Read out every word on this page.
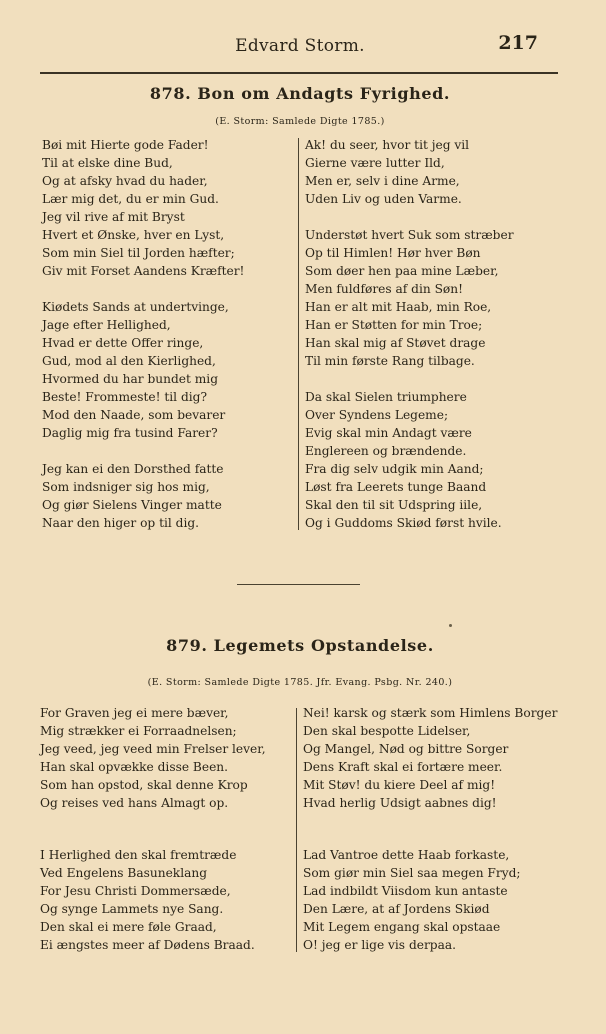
Edvard Storm.	217
878. Bon om Andagts Fyrighed.
(E. Storm: Samlede Digte 1785.)
Bøi mit Hierte gode Fader!
Til at elske dine Bud,
Og at afsky hvad du hader,
Lær mig det, du er min Gud.
Jeg vil rive af mit Bryst
Hvert et Ønske, hver en Lyst,
Som min Siel til Jorden hæfter;
Giv mit Forset Aandens Kræfter!
Kiødets Sands at undertvinge,
Jage efter Hellighed,
Hvad er dette Offer ringe,
Gud, mod al den Kierlighed,
Hvormed du har bundet mig
Beste! Frommeste! til dig?
Mod den Naade, som bevarer
Daglig mig fra tusind Farer?
Jeg kan ei den Dorsthed fatte
Som indsniger sig hos mig,
Og giør Sielens Vinger matte
Naar den higer op til dig.
Ak! du seer, hvor tit jeg vil
Gierne være lutter Ild,
Men er, selv i dine Arme,
Uden Liv og uden Varme.
Understøt hvert Suk som stræber
Op til Himlen! Hør hver Bøn
Som døer hen paa mine Læber,
Men fuldføres af din Søn!
Han er alt mit Haab, min Roe,
Han er Støtten for min Troe;
Han skal mig af Støvet drage
Til min første Rang tilbage.
Da skal Sielen triumphere
Over Syndens Legeme;
Evig skal min Andagt være
Englereen og brændende.
Fra dig selv udgik min Aand;
Løst fra Leerets tunge Baand
Skal den til sit Udspring iile,
Og i Guddoms Skiød først hvile.
879. Legemets Opstandelse.
(E. Storm: Samlede Digte 1785. Jfr. Evang. Psbg. Nr. 240.)
For Graven jeg ei mere bæver,
Mig strækker ei Forraadnelsen;
Jeg veed, jeg veed min Frelser lever,
Han skal opvække disse Been.
Som han opstod, skal denne Krop
Og reises ved hans Almagt op.
I Herlighed den skal fremtræde
Ved Engelens Basuneklang
For Jesu Christi Dommersæde,
Og synge Lammets nye Sang.
Den skal ei mere føle Graad,
Ei ængstes meer af Dødens Braad.
Nei! karsk og stærk som Himlens Borger
Den skal bespotte Lidelser,
Og Mangel, Nød og bittre Sorger
Dens Kraft skal ei fortære meer.
Mit Støv! du kiere Deel af mig!
Hvad herlig Udsigt aabnes dig!
Lad Vantroe dette Haab forkaste,
Som giør min Siel saa megen Fryd;
Lad indbildt Viisdom kun antaste
Den Lære, at af Jordens Skiød
Mit Legem engang skal opstaae
O! jeg er lige vis derpaa.
